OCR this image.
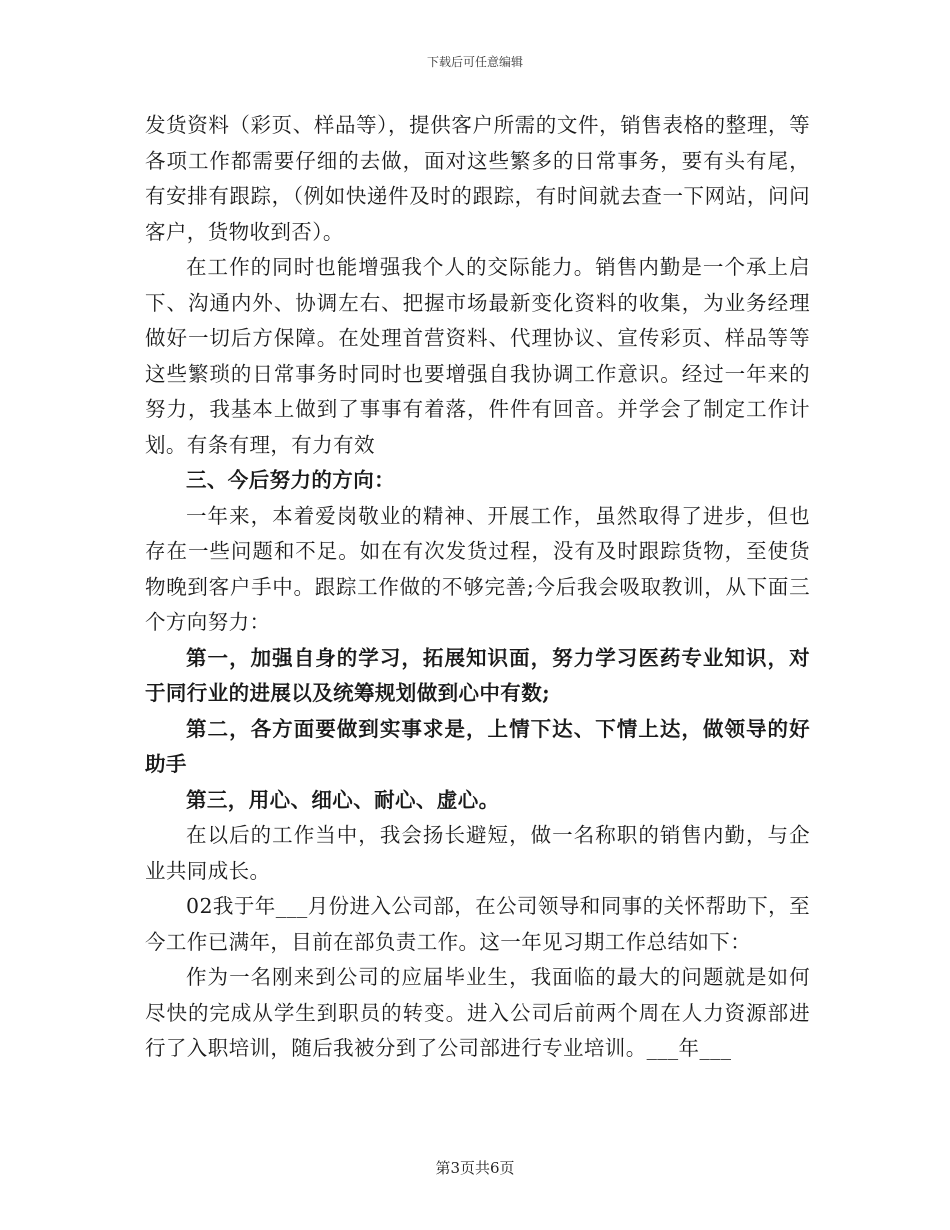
下载后可任意编辑

发货资料（彩页、样品等），提供客户所需的文件，销售表格的整理，等各项工作都需要仔细的去做，面对这些繁多的日常事务，要有头有尾，有安排有跟踪，（例如快递件及时的跟踪，有时间就去查一下网站，问问客户，货物收到否）。

在工作的同时也能增强我个人的交际能力。销售内勤是一个承上启下、沟通内外、协调左右、把握市场最新变化资料的收集，为业务经理做好一切后方保障。在处理首营资料、代理协议、宣传彩页、样品等等这些繁琐的日常事务时同时也要增强自我协调工作意识。经过一年来的努力，我基本上做到了事事有着落，件件有回音。并学会了制定工作计划。有条有理，有力有效

三、今后努力的方向：

一年来，本着爱岗敬业的精神、开展工作，虽然取得了进步，但也存在一些问题和不足。如在有次发货过程，没有及时跟踪货物，至使货物晚到客户手中。跟踪工作做的不够完善;今后我会吸取教训，从下面三个方向努力：

第一，加强自身的学习，拓展知识面，努力学习医药专业知识，对于同行业的进展以及统筹规划做到心中有数;

第二，各方面要做到实事求是，上情下达、下情上达，做领导的好助手

第三，用心、细心、耐心、虚心。

在以后的工作当中，我会扬长避短，做一名称职的销售内勤，与企业共同成长。

02我于年___月份进入公司部，在公司领导和同事的关怀帮助下，至今工作已满年，目前在部负责工作。这一年见习期工作总结如下：

作为一名刚来到公司的应届毕业生，我面临的最大的问题就是如何尽快的完成从学生到职员的转变。进入公司后前两个周在人力资源部进行了入职培训，随后我被分到了公司部进行专业培训。___年___

第3页共6页
